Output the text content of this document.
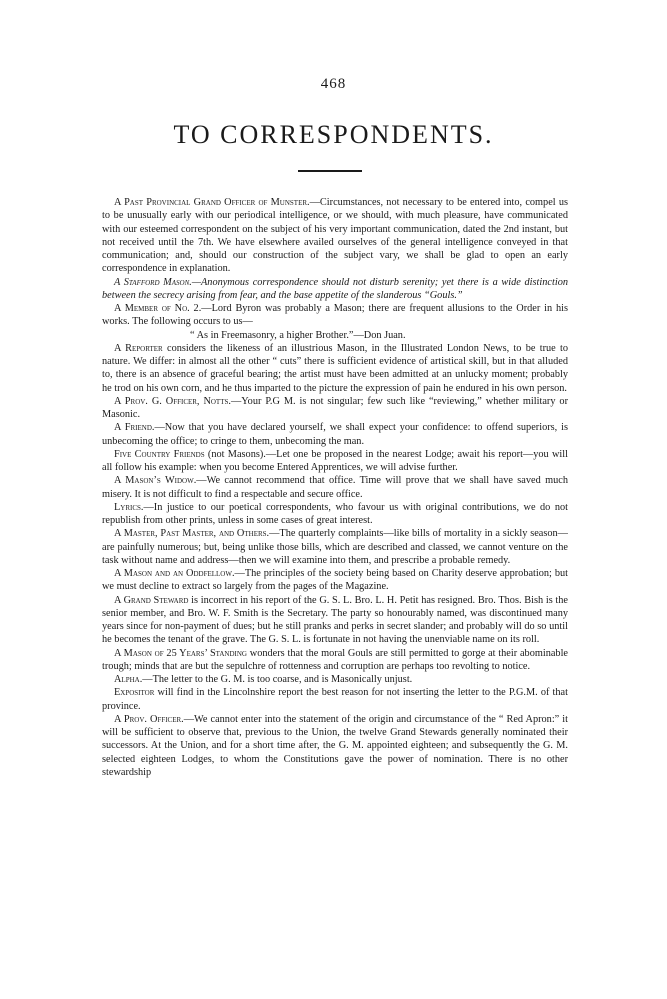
468
TO CORRESPONDENTS.

A Past Provincial Grand Officer of Munster.—Circumstances, not necessary to be entered into, compel us to be unusually early with our periodical intelligence, or we should, with much pleasure, have communicated with our esteemed correspondent on the subject of his very important communication, dated the 2nd instant, but not received until the 7th. We have elsewhere availed ourselves of the general intelligence conveyed in that communication; and, should our construction of the subject vary, we shall be glad to open an early correspondence in explanation.

A Stafford Mason.—Anonymous correspondence should not disturb serenity; yet there is a wide distinction between the secrecy arising from fear, and the base appetite of the slanderous “Gouls.”

A Member of No. 2.—Lord Byron was probably a Mason; there are frequent allusions to the Order in his works. The following occurs to us—

“ As in Freemasonry, a higher Brother.”—Don Juan.

A Reporter considers the likeness of an illustrious Mason, in the Illustrated London News, to be true to nature. We differ: in almost all the other “ cuts” there is sufficient evidence of artistical skill, but in that alluded to, there is an absence of graceful bearing; the artist must have been admitted at an unlucky moment; probably he trod on his own corn, and he thus imparted to the picture the expression of pain he endured in his own person.

A Prov. G. Officer, Notts.—Your P.G M. is not singular; few such like “reviewing,” whether military or Masonic.

A Friend.—Now that you have declared yourself, we shall expect your confidence: to offend superiors, is unbecoming the office; to cringe to them, unbecoming the man.

Five Country Friends (not Masons).—Let one be proposed in the nearest Lodge; await his report—you will all follow his example: when you become Entered Apprentices, we will advise further.

A Mason’s Widow.—We cannot recommend that office. Time will prove that we shall have saved much misery. It is not difficult to find a respectable and secure office.

Lyrics.—In justice to our poetical correspondents, who favour us with original contributions, we do not republish from other prints, unless in some cases of great interest.

A Master, Past Master, and Others.—The quarterly complaints—like bills of mortality in a sickly season—are painfully numerous; but, being unlike those bills, which are described and classed, we cannot venture on the task without name and address—then we will examine into them, and prescribe a probable remedy.

A Mason and an Oddfellow.—The principles of the society being based on Charity deserve approbation; but we must decline to extract so largely from the pages of the Magazine.

A Grand Steward is incorrect in his report of the G. S. L. Bro. L. H. Petit has resigned. Bro. Thos. Bish is the senior member, and Bro. W. F. Smith is the Secretary. The party so honourably named, was discontinued many years since for non-payment of dues; but he still pranks and perks in secret slander; and probably will do so until he becomes the tenant of the grave. The G. S. L. is fortunate in not having the unenviable name on its roll.

A Mason of 25 Years’ Standing wonders that the moral Gouls are still permitted to gorge at their abominable trough; minds that are but the sepulchre of rottenness and corruption are perhaps too revolting to notice.

Alpha.—The letter to the G. M. is too coarse, and is Masonically unjust.

Expositor will find in the Lincolnshire report the best reason for not inserting the letter to the P.G.M. of that province.

A Prov. Officer.—We cannot enter into the statement of the origin and circumstance of the “ Red Apron:” it will be sufficient to observe that, previous to the Union, the twelve Grand Stewards generally nominated their successors. At the Union, and for a short time after, the G. M. appointed eighteen; and subsequently the G. M. selected eighteen Lodges, to whom the Constitutions gave the power of nomination. There is no other stewardship
